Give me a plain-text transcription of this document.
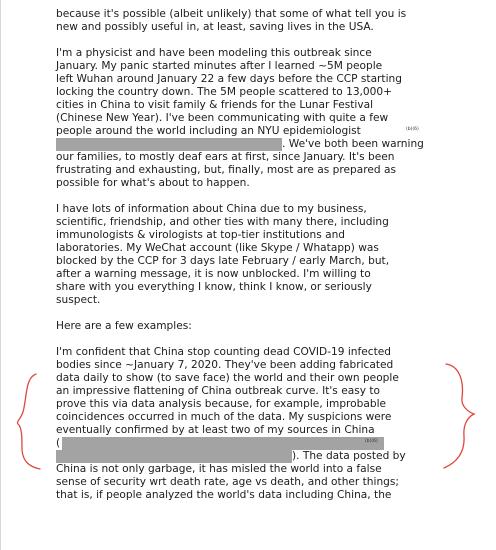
because it's possible (albeit unlikely) that some of what tell you is
new and possibly useful in, at least, saving lives in the USA.
I'm a physicist and have been modeling this outbreak since
January. My panic started minutes after I learned ~5M people
left Wuhan around January 22 a few days before the CCP starting
locking the country down. The 5M people scattered to 13,000+
cities in China to visit family & friends for the Lunar Festival
(Chinese New Year). I've been communicating with quite a few
people around the world including an NYU epidemiologist
. We've both been warning
our families, to mostly deaf ears at first, since January. It's been
frustrating and exhausting, but, finally, most are as prepared as
possible for what's about to happen.
(b)(6)
I have lots of information about China due to my business,
scientific, friendship, and other ties with many there, including
immunologists & virologists at top-tier institutions and
laboratories. My WeChat account (like Skype / Whatapp) was
blocked by the CCP for 3 days late February / early March, but,
after a warning message, it is now unblocked. I'm willing to
share with you everything I know, think I know, or seriously
suspect.
Here are a few examples:
I'm confident that China stop counting dead COVID-19 infected
bodies since ~January 7, 2020. They've been adding fabricated
data daily to show (to save face) the world and their own people
an impressive flattening of China outbreak curve. It's easy to
prove this via data analysis because, for example, improbable
coincidences occurred in much of the data. My suspicions were
eventually confirmed by at least two of my sources in China
(
). The data posted by
China is not only garbage, it has misled the world into a false
sense of security wrt death rate, age vs death, and other things;
that is, if people analyzed the world's data including China, the
(b)(6)
